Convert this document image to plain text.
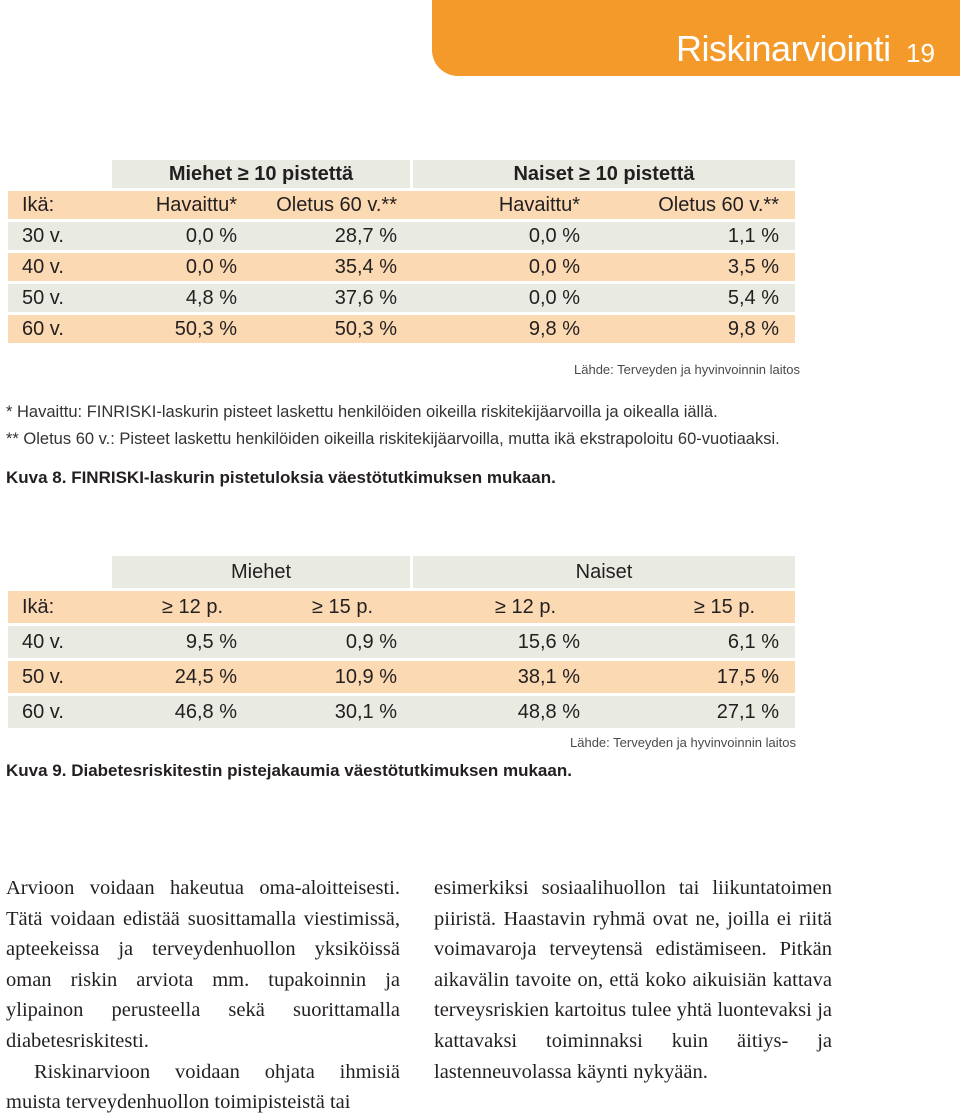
Riskinarviointi 19
	Miehet ≥ 10 pistettä		Naiset ≥ 10 pistettä	
Ikä:	Havaittu*	Oletus 60 v.**	Havaittu*	Oletus 60 v.**
30 v.	0,0 %	28,7 %	0,0 %	1,1 %
40 v.	0,0 %	35,4 %	0,0 %	3,5 %
50 v.	4,8 %	37,6 %	0,0 %	5,4 %
60 v.	50,3 %	50,3 %	9,8 %	9,8 %
Lähde: Terveyden ja hyvinvoinnin laitos
* Havaittu: FINRISKI-laskurin pisteet laskettu henkilöiden oikeilla riskitekijäarvoilla ja oikealla iällä.
** Oletus 60 v.: Pisteet laskettu henkilöiden oikeilla riskitekijäarvoilla, mutta ikä ekstrapoloitu 60-vuotiaaksi.
Kuva 8. FINRISKI-laskurin pistetuloksia väestötutkimuksen mukaan.
	Miehet		Naiset	
Ikä:	≥ 12 p.	≥ 15 p.	≥ 12 p.	≥ 15 p.
40 v.	9,5 %	0,9 %	15,6 %	6,1 %
50 v.	24,5 %	10,9 %	38,1 %	17,5 %
60 v.	46,8 %	30,1 %	48,8 %	27,1 %
Lähde: Terveyden ja hyvinvoinnin laitos
Kuva 9. Diabetesriskitestin pistejakaumia väestötutkimuksen mukaan.

Arvioon voidaan hakeutua oma-aloitteisesti. Tätä voidaan edistää suosittamalla viestimissä, apteekeissa ja terveydenhuollon yksiköissä oman riskin arviota mm. tupakoinnin ja ylipainon perusteella sekä suorittamalla diabetesriskitesti.

Riskinarvioon voidaan ohjata ihmisiä muista terveydenhuollon toimipisteistä tai

esimerkiksi sosiaalihuollon tai liikuntatoimen piiristä. Haastavin ryhmä ovat ne, joilla ei riitä voimavaroja terveytensä edistämiseen. Pitkän aikavälin tavoite on, että koko aikuisiän kattava terveysriskien kartoitus tulee yhtä luontevaksi ja kattavaksi toiminnaksi kuin äitiys- ja lastenneuvolassa käynti nykyään.
